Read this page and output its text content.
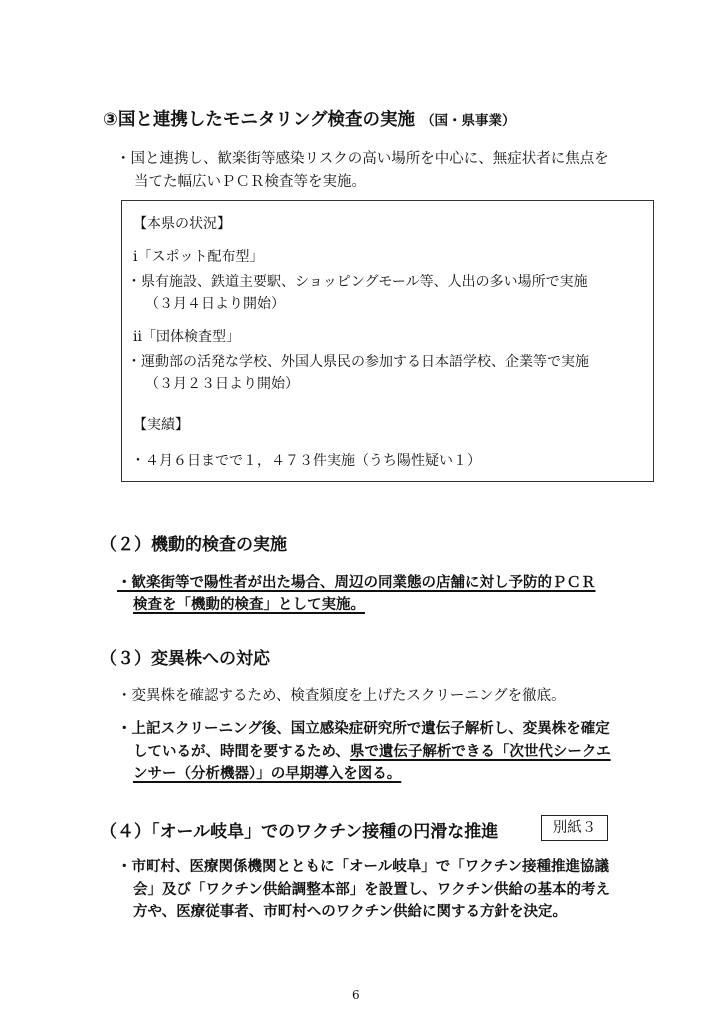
③国と連携したモニタリング検査の実施 （国・県事業）
・国と連携し、歓楽街等感染リスクの高い場所を中心に、無症状者に焦点を
当てた幅広いＰＣＲ検査等を実施。
【本県の状況】
ⅰ「スポット配布型」
・県有施設、鉄道主要駅、ショッピングモール等、人出の多い場所で実施
（３月４日より開始）
ⅱ「団体検査型」
・運動部の活発な学校、外国人県民の参加する日本語学校、企業等で実施
（３月２３日より開始）
【実績】
・４月６日までで１，４７３件実施（うち陽性疑い１）
（２）機動的検査の実施
・歓楽街等で陽性者が出た場合、周辺の同業態の店舗に対し予防的ＰＣＲ
検査を「機動的検査」として実施。
（３）変異株への対応
・変異株を確認するため、検査頻度を上げたスクリーニングを徹底。
・上記スクリーニング後、国立感染症研究所で遺伝子解析し、変異株を確定
しているが、時間を要するため、県で遺伝子解析できる「次世代シークエ
ンサー（分析機器）」の早期導入を図る。
（４）「オール岐阜」でのワクチン接種の円滑な推進	別紙３
・市町村、医療関係機関とともに「オール岐阜」で「ワクチン接種推進協議
会」及び「ワクチン供給調整本部」を設置し、ワクチン供給の基本的考え
方や、医療従事者、市町村へのワクチン供給に関する方針を決定。
6
